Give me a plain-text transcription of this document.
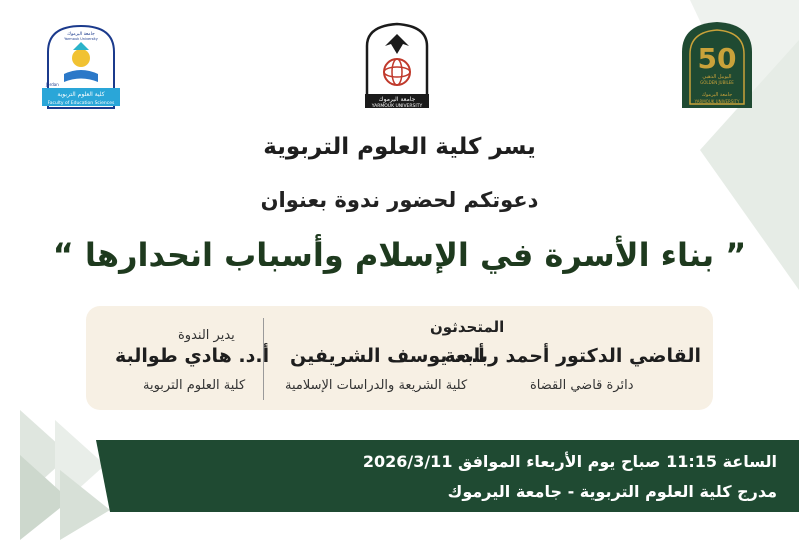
كلية العلوم التربوية
Faculty of Education Sciences
جامعة اليرموك
Yarmouk University
Jordan
جامعة اليرموك
YARMOUK UNIVERSITY
50
اليوبيل الذهبي
GOLDEN JUBILEE
جامعة اليرموك
YARMOUK UNIVERSITY
يسر كلية العلوم التربوية
دعوتكم لحضور ندوة بعنوان
” بناء الأسرة في الإسلام وأسباب انحدارها “
المتحدثون
القاضي الدكتور أحمد ربابعة
دائرة قاضي القضاة
أ.د. يوسف الشريفين
كلية الشريعة والدراسات الإسلامية
يدير الندوة
أ.د. هادي طوالبة
كلية العلوم التربوية
الساعة 11:15 صباح يوم الأربعاء الموافق 2026/3/11
مدرج كلية العلوم التربوية - جامعة اليرموك
